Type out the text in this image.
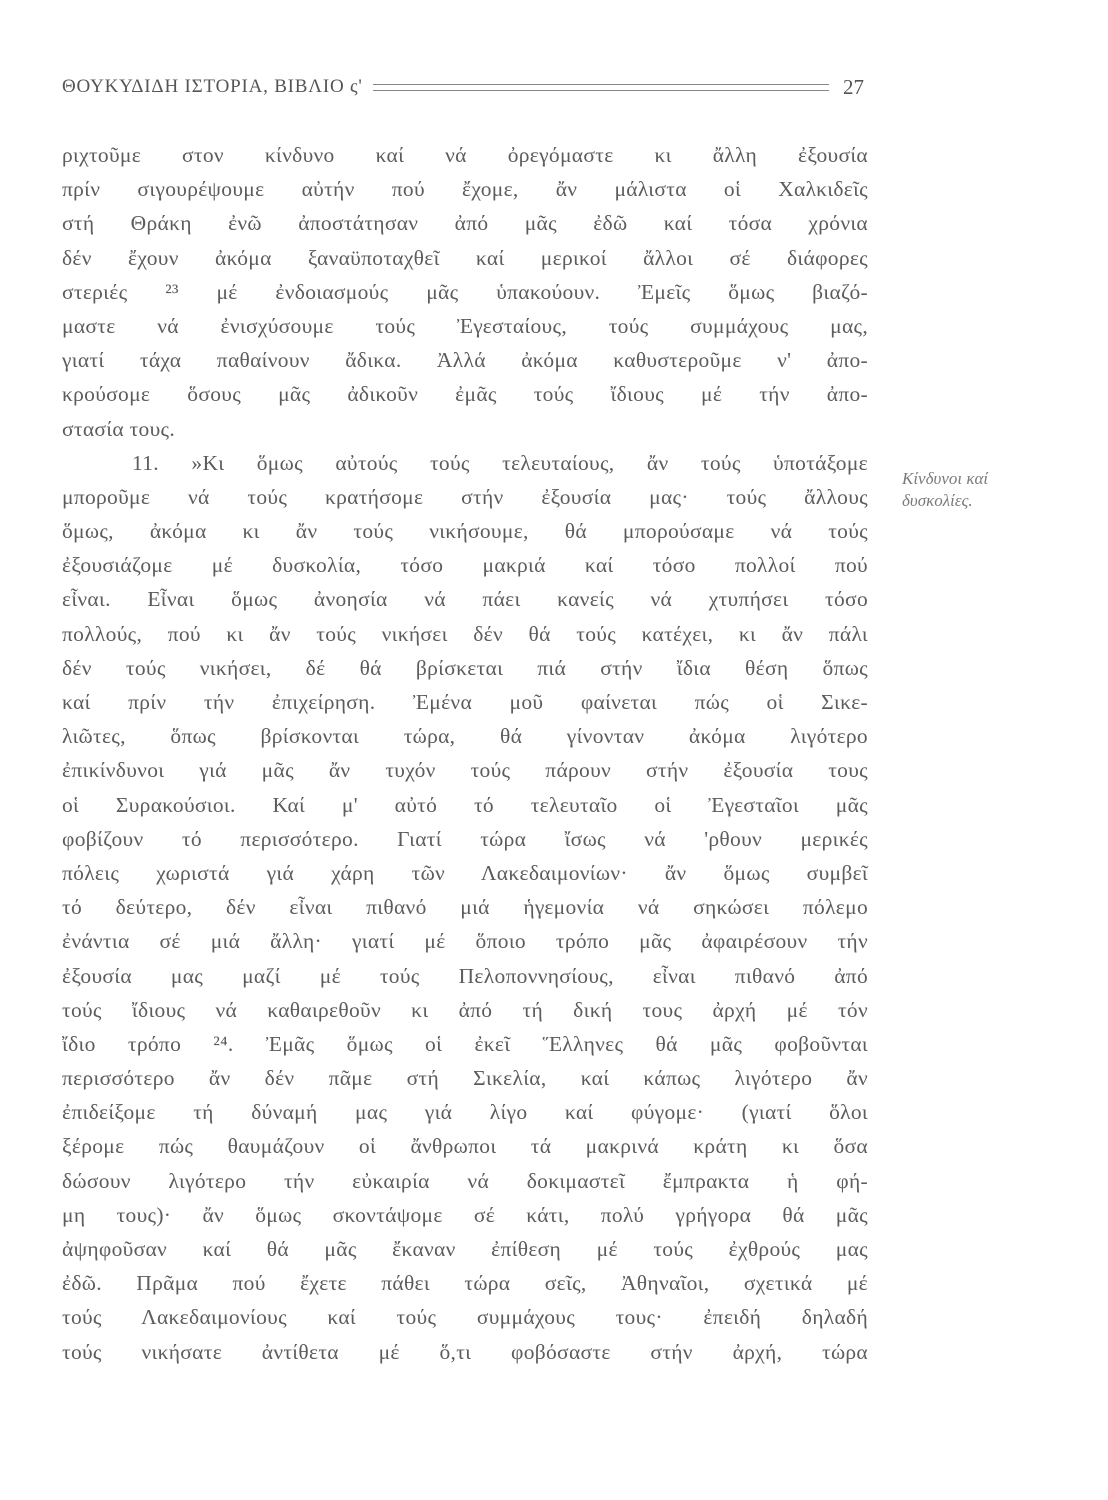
ΘΟΥΚΥΔΙΔΗ ΙΣΤΟΡΙΑ, ΒΙΒΛΙΟ ς'	27
ριχτοῦμε στον κίνδυνο καί νά ὀρεγόμαστε κι ἄλλη ἐξουσία
πρίν σιγουρέψουμε αὐτήν πού ἔχομε, ἄν μάλιστα οἱ Χαλκιδεῖς
στή Θράκη ἐνῶ ἀποστάτησαν ἀπό μᾶς ἐδῶ καί τόσα χρόνια
δέν ἔχουν ἀκόμα ξαναϋποταχθεῖ καί μερικοί ἄλλοι σέ διάφορες
στεριές ²³ μέ ἐνδοιασμούς μᾶς ὑπακούουν. Ἐμεῖς ὅμως βιαζό-
μαστε νά ἐνισχύσουμε τούς Ἐγεσταίους, τούς συμμάχους μας,
γιατί τάχα παθαίνουν ἄδικα. Ἀλλά ἀκόμα καθυστεροῦμε ν' ἀπο-
κρούσομε ὅσους μᾶς ἀδικοῦν ἐμᾶς τούς ἴδιους μέ τήν ἀπο-
στασία τους.
11. »Κι ὅμως αὐτούς τούς τελευταίους, ἄν τούς ὑποτάξομε
μποροῦμε νά τούς κρατήσομε στήν ἐξουσία μας· τούς ἄλλους
ὅμως, ἀκόμα κι ἄν τούς νικήσουμε, θά μπορούσαμε νά τούς
ἐξουσιάζομε μέ δυσκολία, τόσο μακριά καί τόσο πολλοί πού
εἶναι. Εἶναι ὅμως ἀνοησία νά πάει κανείς νά χτυπήσει τόσο
πολλούς, πού κι ἄν τούς νικήσει δέν θά τούς κατέχει, κι ἄν πάλι
δέν τούς νικήσει, δέ θά βρίσκεται πιά στήν ἴδια θέση ὅπως
καί πρίν τήν ἐπιχείρηση. Ἐμένα μοῦ φαίνεται πώς οἱ Σικε-
λιῶτες, ὅπως βρίσκονται τώρα, θά γίνονταν ἀκόμα λιγότερο
ἐπικίνδυνοι γιά μᾶς ἄν τυχόν τούς πάρουν στήν ἐξουσία τους
οἱ Συρακούσιοι. Καί μ' αὐτό τό τελευταῖο οἱ Ἐγεσταῖοι μᾶς
φοβίζουν τό περισσότερο. Γιατί τώρα ἴσως νά 'ρθουν μερικές
πόλεις χωριστά γιά χάρη τῶν Λακεδαιμονίων· ἄν ὅμως συμβεῖ
τό δεύτερο, δέν εἶναι πιθανό μιά ἡγεμονία νά σηκώσει πόλεμο
ἐνάντια σέ μιά ἄλλη· γιατί μέ ὅποιο τρόπο μᾶς ἀφαιρέσουν τήν
ἐξουσία μας μαζί μέ τούς Πελοποννησίους, εἶναι πιθανό ἀπό
τούς ἴδιους νά καθαιρεθοῦν κι ἀπό τή δική τους ἀρχή μέ τόν
ἴδιο τρόπο ²⁴. Ἐμᾶς ὅμως οἱ ἐκεῖ Ἕλληνες θά μᾶς φοβοῦνται
περισσότερο ἄν δέν πᾶμε στή Σικελία, καί κάπως λιγότερο ἄν
ἐπιδείξομε τή δύναμή μας γιά λίγο καί φύγομε· (γιατί ὅλοι
ξέρομε πώς θαυμάζουν οἱ ἄνθρωποι τά μακρινά κράτη κι ὅσα
δώσουν λιγότερο τήν εὐκαιρία νά δοκιμαστεῖ ἔμπρακτα ἡ φή-
μη τους)· ἄν ὅμως σκοντάψομε σέ κάτι, πολύ γρήγορα θά μᾶς
ἀψηφοῦσαν καί θά μᾶς ἔκαναν ἐπίθεση μέ τούς ἐχθρούς μας
ἐδῶ. Πρᾶμα πού ἔχετε πάθει τώρα σεῖς, Ἀθηναῖοι, σχετικά μέ
τούς Λακεδαιμονίους καί τούς συμμάχους τους· ἐπειδή δηλαδή
τούς νικήσατε ἀντίθετα μέ ὅ,τι φοβόσαστε στήν ἀρχή, τώρα
Κίνδυνοι καί
δυσκολίες.
